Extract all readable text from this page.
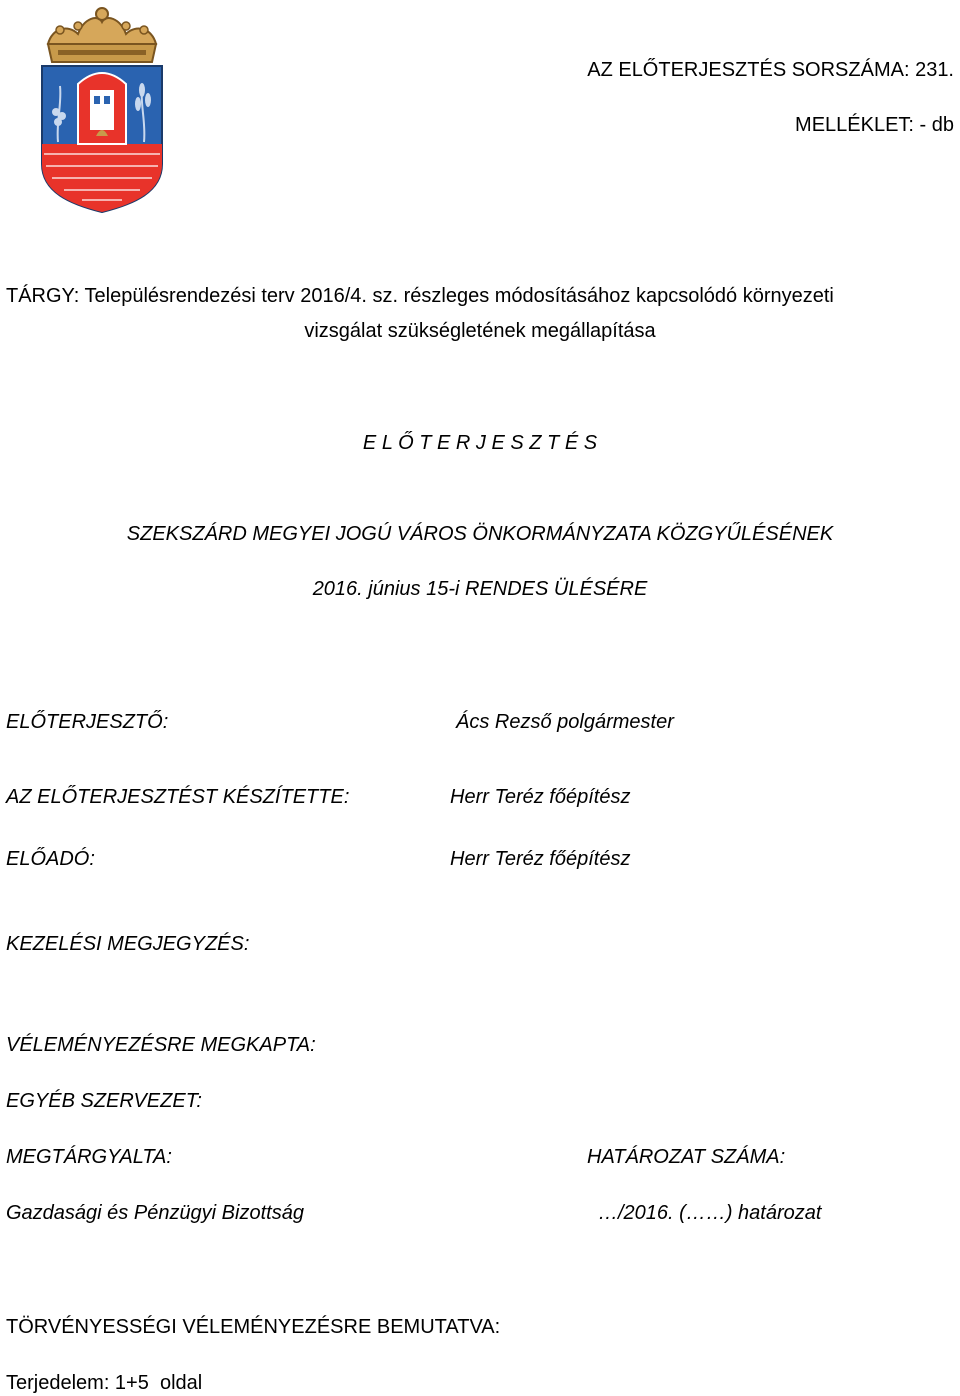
AZ ELŐTERJESZTÉS SORSZÁMA: 231.
MELLÉKLET: - db
TÁRGY: Településrendezési terv 2016/4. sz. részleges módosításához kapcsolódó környezeti
vizsgálat szükségletének megállapítása
E L Ő T E R J E S Z T É S
SZEKSZÁRD MEGYEI JOGÚ VÁROS ÖNKORMÁNYZATA KÖZGYŰLÉSÉNEK
2016. június 15-i RENDES ÜLÉSÉRE
ELŐTERJESZTŐ:	Ács Rezső polgármester
AZ ELŐTERJESZTÉST KÉSZÍTETTE:	Herr Teréz főépítész
ELŐADÓ:	Herr Teréz főépítész
KEZELÉSI MEGJEGYZÉS:
VÉLEMÉNYEZÉSRE MEGKAPTA:
EGYÉB SZERVEZET:
MEGTÁRGYALTA:	HATÁROZAT SZÁMA:
Gazdasági és Pénzügyi Bizottság	…/2016. (……) határozat
TÖRVÉNYESSÉGI VÉLEMÉNYEZÉSRE BEMUTATVA:
Terjedelem: 1+5  oldal
